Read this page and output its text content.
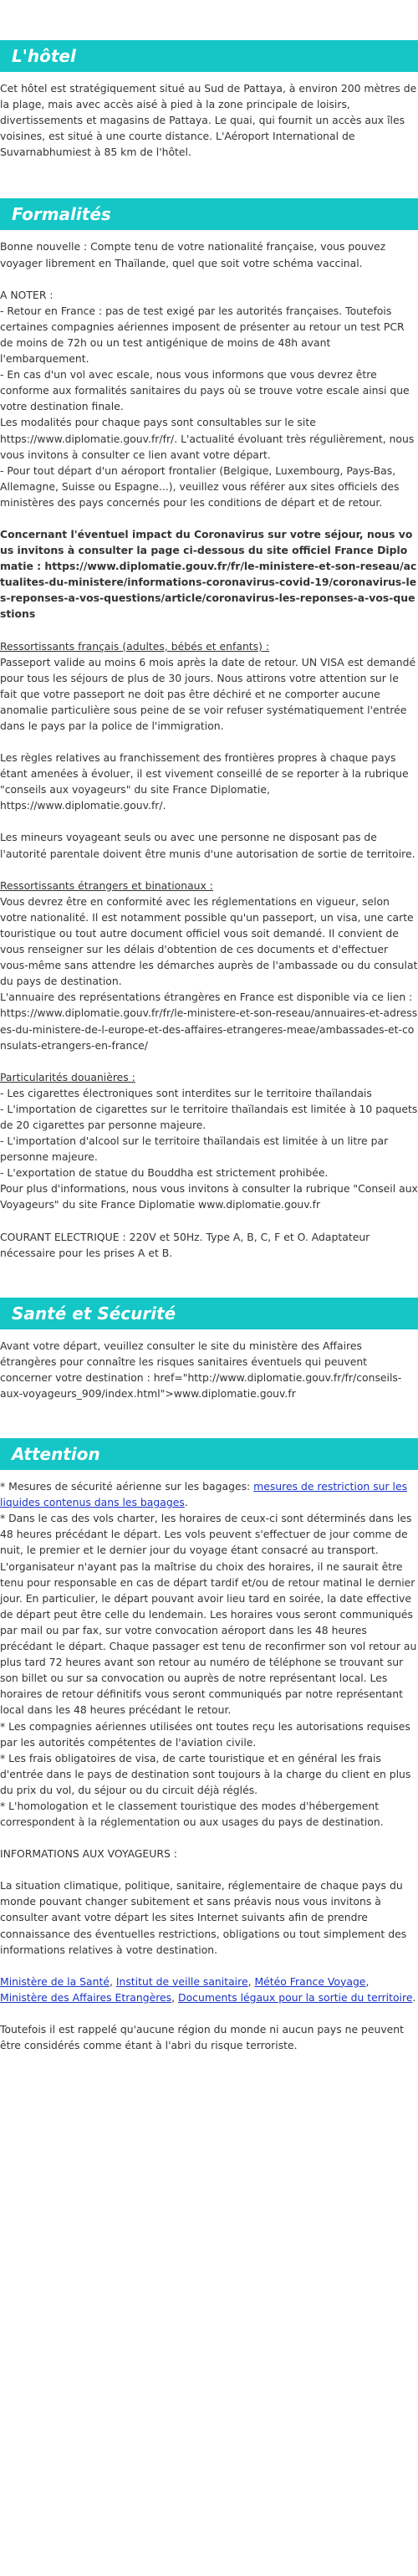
L'hôtel

Cet hôtel est stratégiquement situé au Sud de Pattaya, à environ 200 mètres de la plage, mais avec accès aisé à pied à la zone principale de loisirs, divertissements et magasins de Pattaya. Le quai, qui fournit un accès aux îles voisines, est situé à une courte distance. L'Aéroport International de Suvarnabhumiest à 85 km de l'hôtel.

Formalités

Bonne nouvelle : Compte tenu de votre nationalité française, vous pouvez voyager librement en Thaïlande, quel que soit votre schéma vaccinal.

A NOTER :

- Retour en France : pas de test exigé par les autorités françaises. Toutefois certaines compagnies aériennes imposent de présenter au retour un test PCR de moins de 72h ou un test antigénique de moins de 48h avant l'embarquement.

- En cas d'un vol avec escale, nous vous informons que vous devrez être conforme aux formalités sanitaires du pays où se trouve votre escale ainsi que votre destination finale.

Les modalités pour chaque pays sont consultables sur le site https://www.diplomatie.gouv.fr/fr/. L'actualité évoluant très régulièrement, nous vous invitons à consulter ce lien avant votre départ.

- Pour tout départ d'un aéroport frontalier (Belgique, Luxembourg, Pays-Bas, Allemagne, Suisse ou Espagne...), veuillez vous référer aux sites officiels des ministères des pays concernés pour les conditions de départ et de retour.

Concernant l'éventuel impact du Coronavirus sur votre séjour, nous vous invitons à consulter la page ci-dessous du site officiel France Diplomatie : https://www.diplomatie.gouv.fr/fr/le-ministere-et-son-reseau/actualites-du-ministere/informations-coronavirus-covid-19/coronavirus-les-reponses-a-vos-questions/article/coronavirus-les-reponses-a-vos-questions

Ressortissants français (adultes, bébés et enfants) :

Passeport valide au moins 6 mois après la date de retour. UN VISA est demandé pour tous les séjours de plus de 30 jours. Nous attirons votre attention sur le fait que votre passeport ne doit pas être déchiré et ne comporter aucune anomalie particulière sous peine de se voir refuser systématiquement l'entrée dans le pays par la police de l'immigration.

Les règles relatives au franchissement des frontières propres à chaque pays étant amenées à évoluer, il est vivement conseillé de se reporter à la rubrique "conseils aux voyageurs" du site France Diplomatie, https://www.diplomatie.gouv.fr/.

Les mineurs voyageant seuls ou avec une personne ne disposant pas de l'autorité parentale doivent être munis d'une autorisation de sortie de territoire.

Ressortissants étrangers et binationaux :

Vous devrez être en conformité avec les réglementations en vigueur, selon votre nationalité. Il est notamment possible qu'un passeport, un visa, une carte touristique ou tout autre document officiel vous soit demandé. Il convient de vous renseigner sur les délais d'obtention de ces documents et d'effectuer vous-même sans attendre les démarches auprès de l'ambassade ou du consulat du pays de destination.

L'annuaire des représentations étrangères en France est disponible via ce lien : https://www.diplomatie.gouv.fr/fr/le-ministere-et-son-reseau/annuaires-et-adresses-du-ministere-de-l-europe-et-des-affaires-etrangeres-meae/ambassades-et-consulats-etrangers-en-france/

Particularités douanières :

- Les cigarettes électroniques sont interdites sur le territoire thaïlandais

- L'importation de cigarettes sur le territoire thaïlandais est limitée à 10 paquets de 20 cigarettes par personne majeure.

- L'importation d'alcool sur le territoire thaïlandais est limitée à un litre par personne majeure.

- L'exportation de statue du Bouddha est strictement prohibée.

Pour plus d'informations, nous vous invitons à consulter la rubrique "Conseil aux Voyageurs" du site France Diplomatie www.diplomatie.gouv.fr

COURANT ELECTRIQUE : 220V et 50Hz. Type A, B, C, F et O. Adaptateur nécessaire pour les prises A et B.

Santé et Sécurité

Avant votre départ, veuillez consulter le site du ministère des Affaires étrangères pour connaître les risques sanitaires éventuels qui peuvent concerner votre destination : href="http://www.diplomatie.gouv.fr/fr/conseils-aux-voyageurs_909/index.html">www.diplomatie.gouv.fr

Attention

* Mesures de sécurité aérienne sur les bagages: mesures de restriction sur les liquides contenus dans les bagages.

* Dans le cas des vols charter, les horaires de ceux-ci sont déterminés dans les 48 heures précédant le départ. Les vols peuvent s'effectuer de jour comme de nuit, le premier et le dernier jour du voyage étant consacré au transport. L'organisateur n'ayant pas la maîtrise du choix des horaires, il ne saurait être tenu pour responsable en cas de départ tardif et/ou de retour matinal le dernier jour. En particulier, le départ pouvant avoir lieu tard en soirée, la date effective de départ peut être celle du lendemain. Les horaires vous seront communiqués par mail ou par fax, sur votre convocation aéroport dans les 48 heures précédant le départ. Chaque passager est tenu de reconfirmer son vol retour au plus tard 72 heures avant son retour au numéro de téléphone se trouvant sur son billet ou sur sa convocation ou auprès de notre représentant local. Les horaires de retour définitifs vous seront communiqués par notre représentant local dans les 48 heures précédant le retour.

* Les compagnies aériennes utilisées ont toutes reçu les autorisations requises par les autorités compétentes de l'aviation civile.

* Les frais obligatoires de visa, de carte touristique et en général les frais d'entrée dans le pays de destination sont toujours à la charge du client en plus du prix du vol, du séjour ou du circuit déjà réglés.

* L'homologation et le classement touristique des modes d'hébergement correspondent à la réglementation ou aux usages du pays de destination.

INFORMATIONS AUX VOYAGEURS :

La situation climatique, politique, sanitaire, réglementaire de chaque pays du monde pouvant changer subitement et sans préavis nous vous invitons à consulter avant votre départ les sites Internet suivants afin de prendre connaissance des éventuelles restrictions, obligations ou tout simplement des informations relatives à votre destination.

Ministère de la Santé, Institut de veille sanitaire, Météo France Voyage, Ministère des Affaires Etrangères, Documents légaux pour la sortie du territoire.

Toutefois il est rappelé qu'aucune région du monde ni aucun pays ne peuvent être considérés comme étant à l'abri du risque terroriste.
